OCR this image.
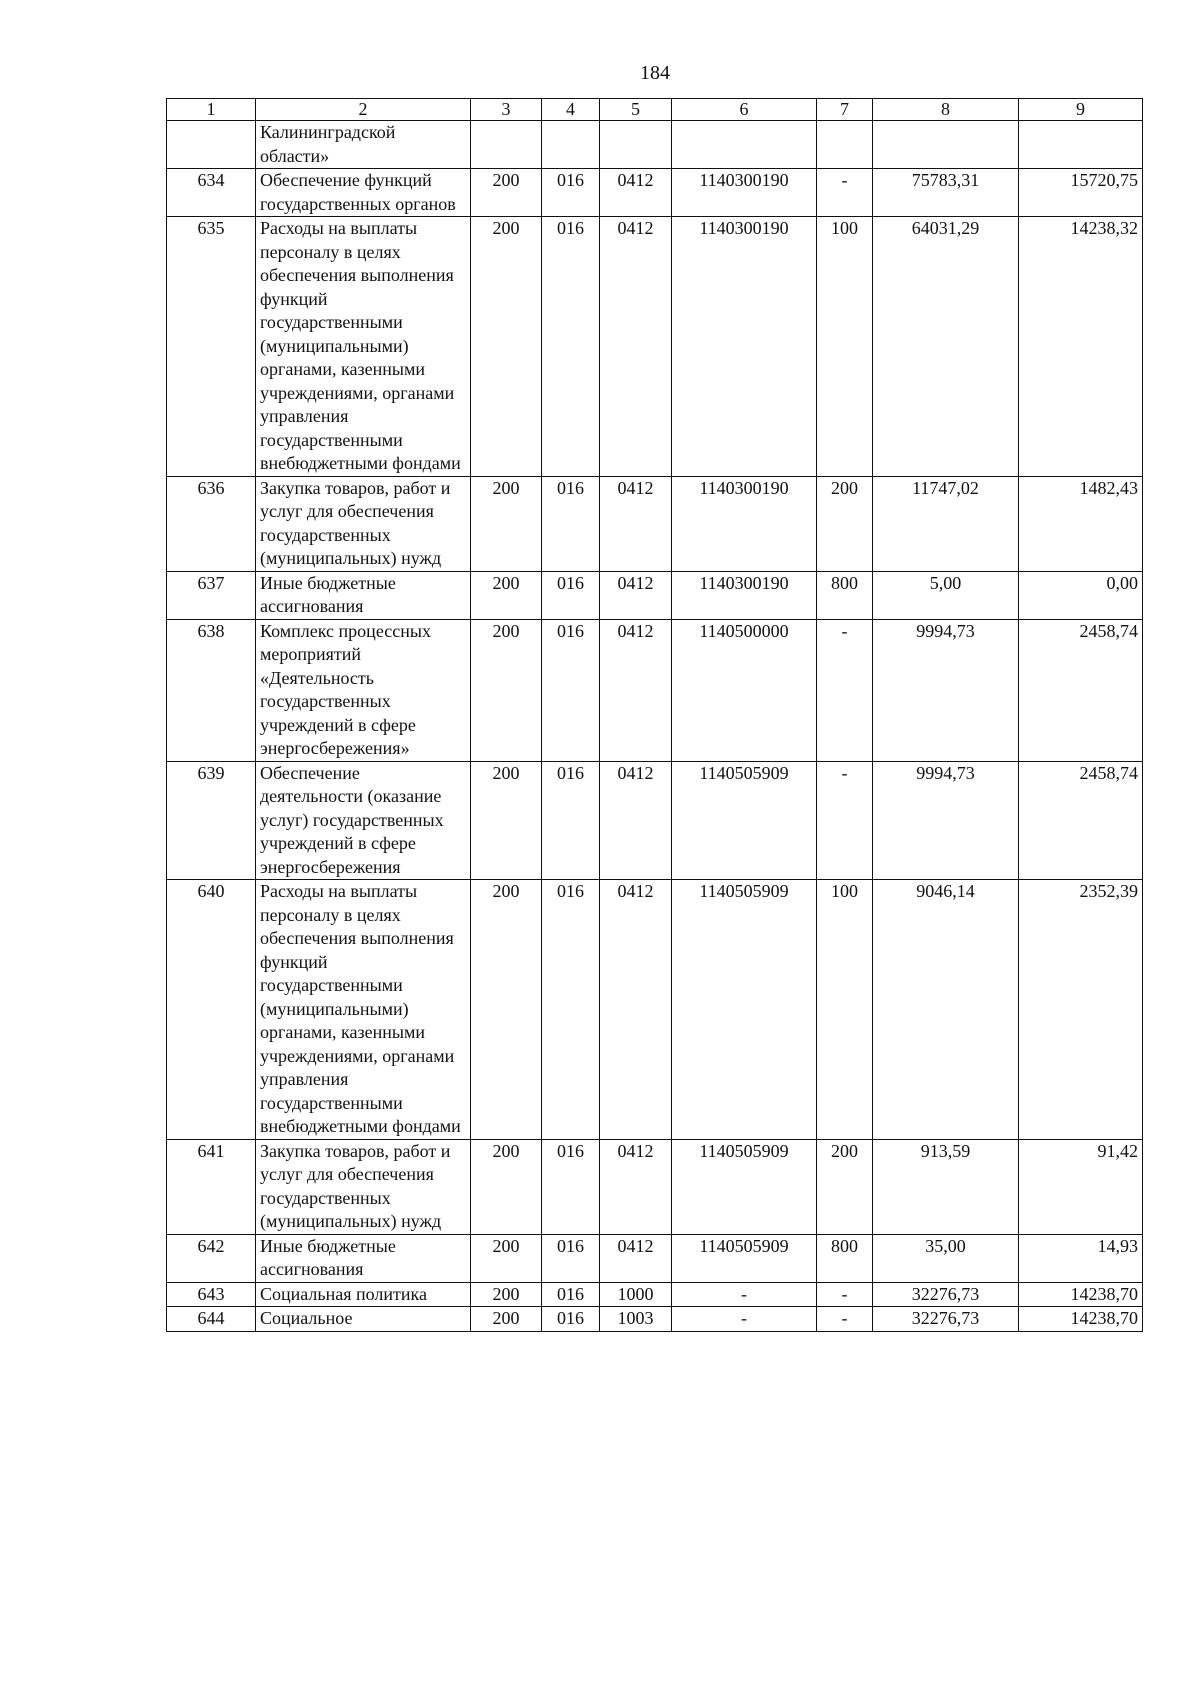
184
1	2	3	4	5	6	7	8	9
	Калининградской области»							
634	Обеспечение функций государственных органов	200	016	0412	1140300190	-	75783,31	15720,75
635	Расходы на выплаты персоналу в целях обеспечения выполнения функций государственными (муниципальными) органами, казенными учреждениями, органами управления государственными внебюджетными фондами	200	016	0412	1140300190	100	64031,29	14238,32
636	Закупка товаров, работ и услуг для обеспечения государственных (муниципальных) нужд	200	016	0412	1140300190	200	11747,02	1482,43
637	Иные бюджетные ассигнования	200	016	0412	1140300190	800	5,00	0,00
638	Комплекс процессных мероприятий «Деятельность государственных учреждений в сфере энергосбережения»	200	016	0412	1140500000	-	9994,73	2458,74
639	Обеспечение деятельности (оказание услуг) государственных учреждений в сфере энергосбережения	200	016	0412	1140505909	-	9994,73	2458,74
640	Расходы на выплаты персоналу в целях обеспечения выполнения функций государственными (муниципальными) органами, казенными учреждениями, органами управления государственными внебюджетными фондами	200	016	0412	1140505909	100	9046,14	2352,39
641	Закупка товаров, работ и услуг для обеспечения государственных (муниципальных) нужд	200	016	0412	1140505909	200	913,59	91,42
642	Иные бюджетные ассигнования	200	016	0412	1140505909	800	35,00	14,93
643	Социальная политика	200	016	1000	-	-	32276,73	14238,70
644	Социальное	200	016	1003	-	-	32276,73	14238,70
